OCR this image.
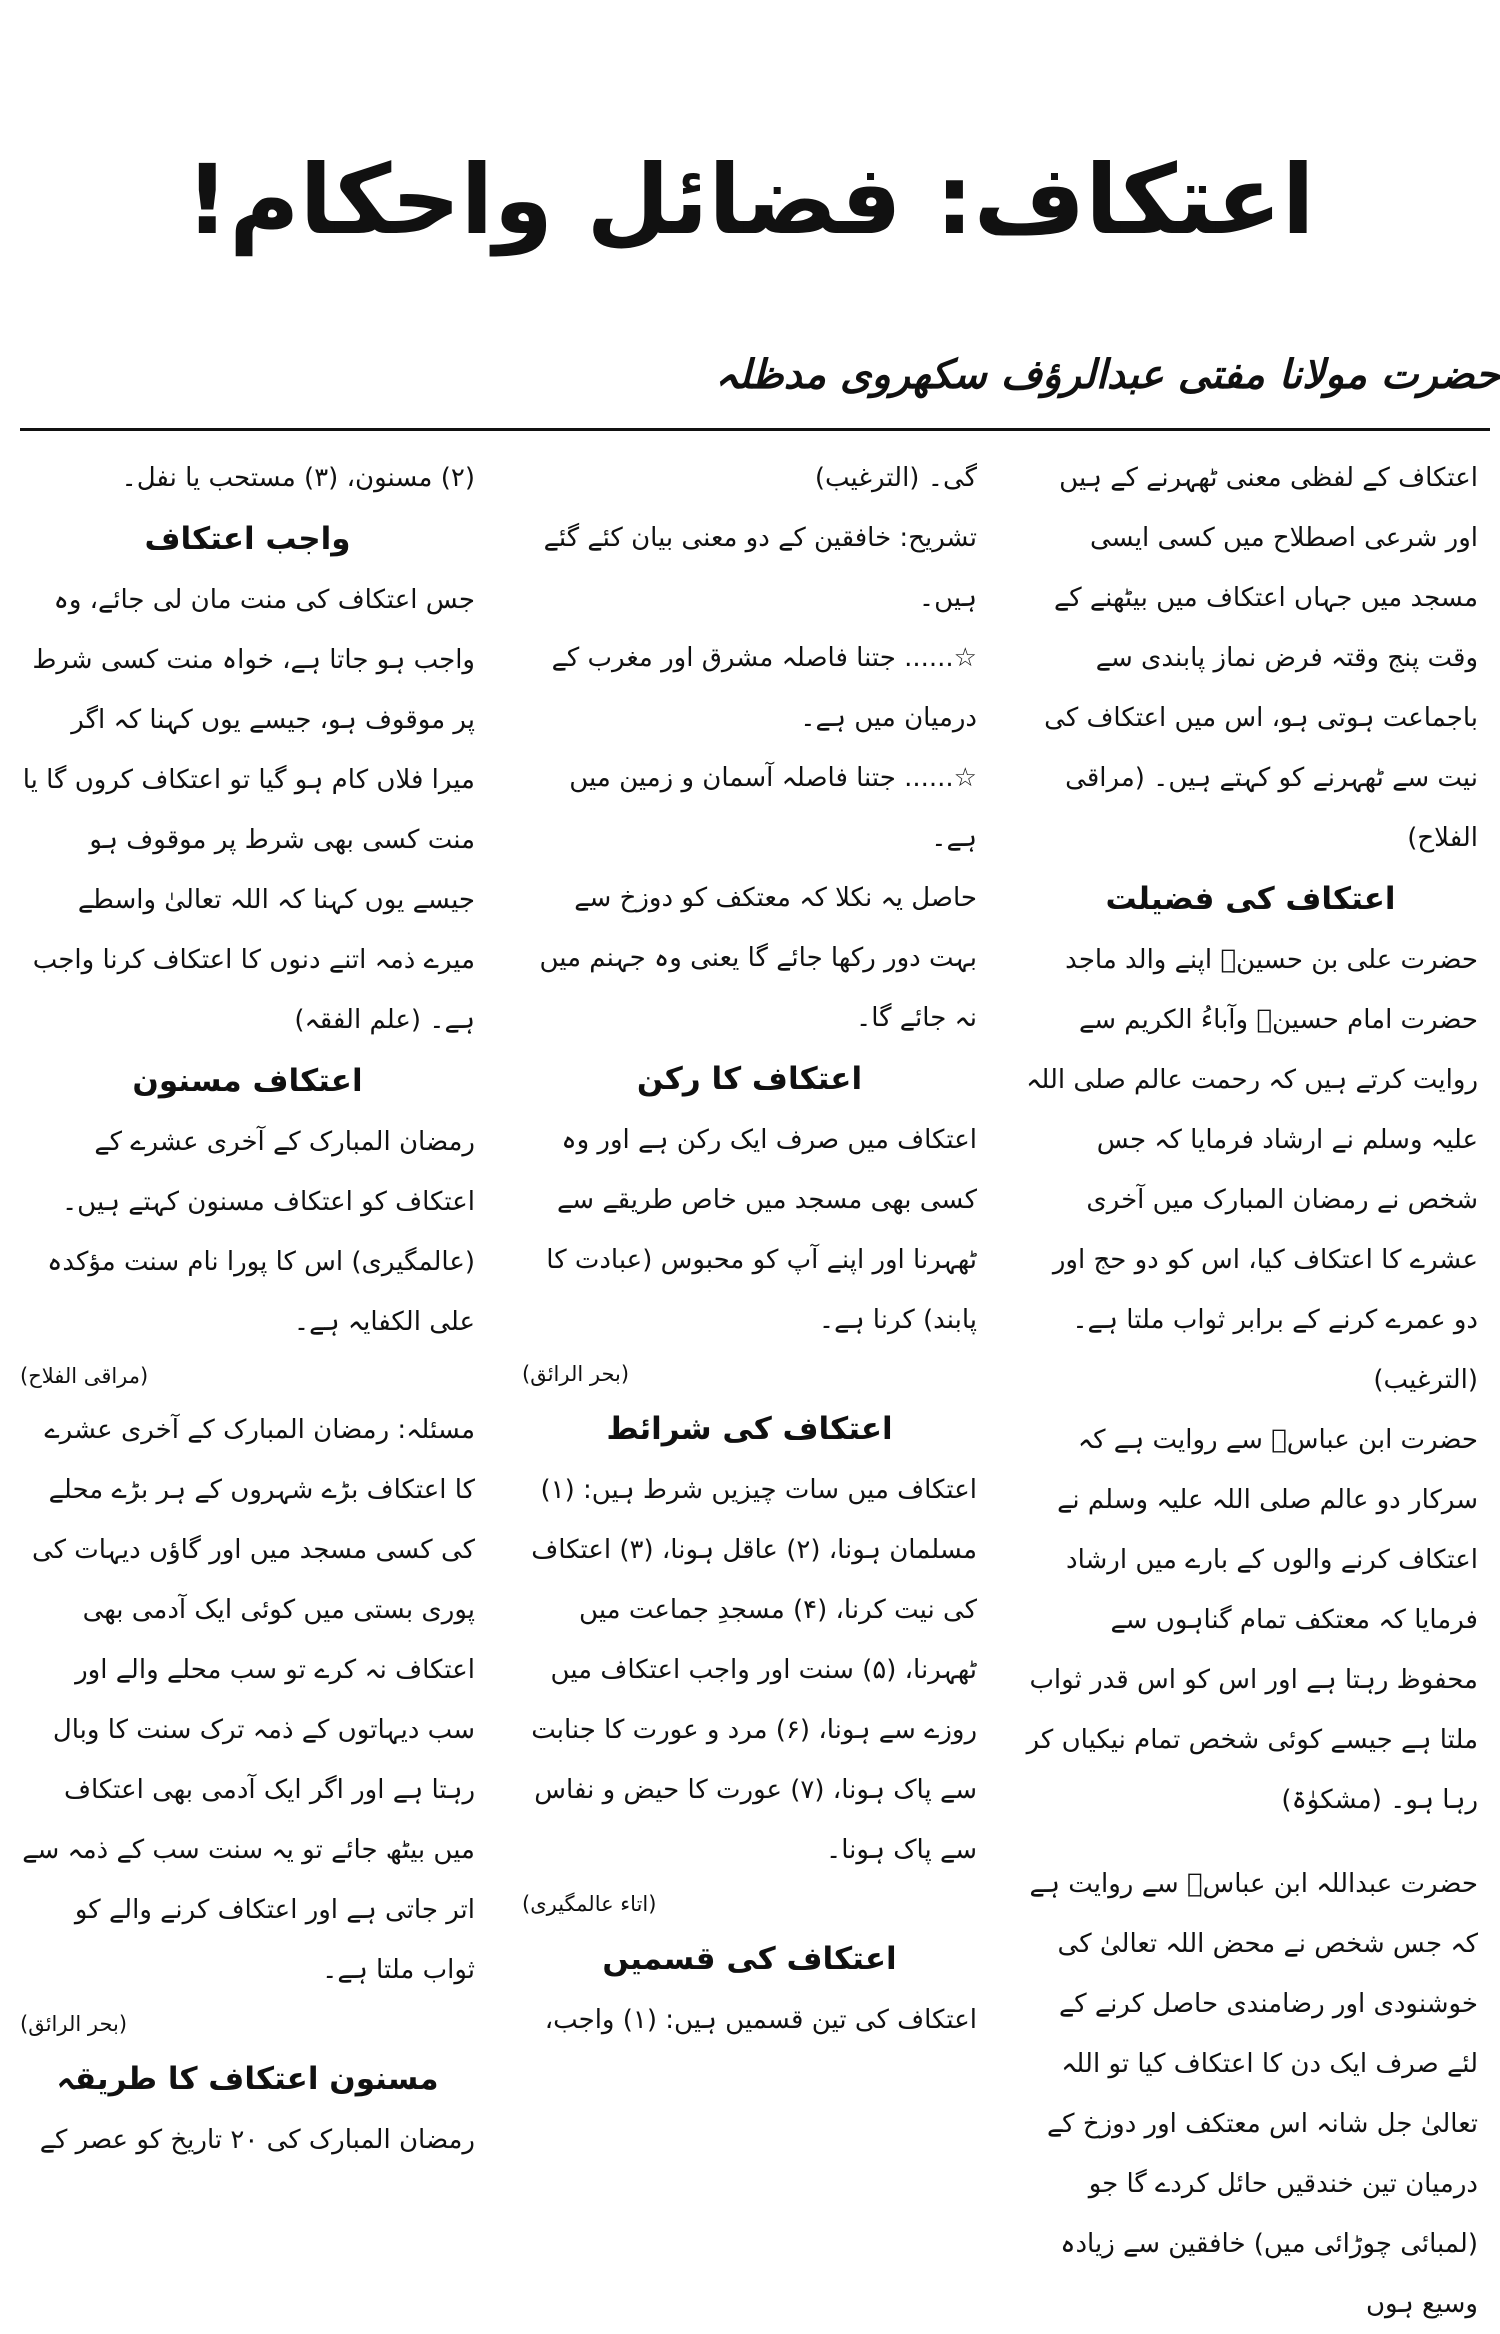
اعتکاف: فضائل واحکام!
حضرت مولانا مفتی عبدالرؤف سکھروی مدظلہ

اعتکاف کے لفظی معنی ٹھہرنے کے ہیں اور شرعی اصطلاح میں کسی ایسی مسجد میں جہاں اعتکاف میں بیٹھنے کے وقت پنج وقتہ فرض نماز پابندی سے باجماعت ہوتی ہو، اس میں اعتکاف کی نیت سے ٹھہرنے کو کہتے ہیں۔ (مراقی الفلاح)

اعتکاف کی فضیلت

حضرت علی بن حسینؓ اپنے والد ماجد حضرت امام حسینؓ وآباءُ الکریم سے روایت کرتے ہیں کہ رحمت عالم صلی اللہ علیہ وسلم نے ارشاد فرمایا کہ جس شخص نے رمضان المبارک میں آخری عشرے کا اعتکاف کیا، اس کو دو حج اور دو عمرے کرنے کے برابر ثواب ملتا ہے۔ (الترغیب)

حضرت ابن عباسؓ سے روایت ہے کہ سرکار دو عالم صلی اللہ علیہ وسلم نے اعتکاف کرنے والوں کے بارے میں ارشاد فرمایا کہ معتکف تمام گناہوں سے محفوظ رہتا ہے اور اس کو اس قدر ثواب ملتا ہے جیسے کوئی شخص تمام نیکیاں کر رہا ہو۔ (مشکوٰۃ)

حضرت عبداللہ ابن عباسؓ سے روایت ہے کہ جس شخص نے محض اللہ تعالیٰ کی خوشنودی اور رضامندی حاصل کرنے کے لئے صرف ایک دن کا اعتکاف کیا تو اللہ تعالیٰ جل شانہ اس معتکف اور دوزخ کے درمیان تین خندقیں حائل کردے گا جو (لمبائی چوڑائی میں) خافقین سے زیادہ وسیع ہوں

گی۔ (الترغیب)

تشریح: خافقین کے دو معنی بیان کئے گئے ہیں۔

☆...... جتنا فاصلہ مشرق اور مغرب کے درمیان میں ہے۔

☆...... جتنا فاصلہ آسمان و زمین میں ہے۔

حاصل یہ نکلا کہ معتکف کو دوزخ سے بہت دور رکھا جائے گا یعنی وہ جہنم میں نہ جائے گا۔

اعتکاف کا رکن

اعتکاف میں صرف ایک رکن ہے اور وہ کسی بھی مسجد میں خاص طریقے سے ٹھہرنا اور اپنے آپ کو محبوس (عبادت کا پابند) کرنا ہے۔

(بحر الرائق)

اعتکاف کی شرائط

اعتکاف میں سات چیزیں شرط ہیں: (۱) مسلمان ہونا، (۲) عاقل ہونا، (۳) اعتکاف کی نیت کرنا، (۴) مسجدِ جماعت میں ٹھہرنا، (۵) سنت اور واجب اعتکاف میں روزے سے ہونا، (۶) مرد و عورت کا جنابت سے پاک ہونا، (۷) عورت کا حیض و نفاس سے پاک ہونا۔

(اتاء عالمگیری)

اعتکاف کی قسمیں

اعتکاف کی تین قسمیں ہیں: (۱) واجب،

(۲) مسنون، (۳) مستحب یا نفل۔

واجب اعتکاف

جس اعتکاف کی منت مان لی جائے، وہ واجب ہو جاتا ہے، خواہ منت کسی شرط پر موقوف ہو، جیسے یوں کہنا کہ اگر میرا فلاں کام ہو گیا تو اعتکاف کروں گا یا منت کسی بھی شرط پر موقوف ہو جیسے یوں کہنا کہ اللہ تعالیٰ واسطے میرے ذمہ اتنے دنوں کا اعتکاف کرنا واجب ہے۔ (علم الفقہ)

اعتکاف مسنون

رمضان المبارک کے آخری عشرے کے اعتکاف کو اعتکاف مسنون کہتے ہیں۔ (عالمگیری) اس کا پورا نام سنت مؤکدہ علی الکفایہ ہے۔

(مراقی الفلاح)

مسئلہ: رمضان المبارک کے آخری عشرے کا اعتکاف بڑے شہروں کے ہر بڑے محلے کی کسی مسجد میں اور گاؤں دیہات کی پوری بستی میں کوئی ایک آدمی بھی اعتکاف نہ کرے تو سب محلے والے اور سب دیہاتوں کے ذمہ ترک سنت کا وبال رہتا ہے اور اگر ایک آدمی بھی اعتکاف میں بیٹھ جائے تو یہ سنت سب کے ذمہ سے اتر جاتی ہے اور اعتکاف کرنے والے کو ثواب ملتا ہے۔

(بحر الرائق)

مسنون اعتکاف کا طریقہ

رمضان المبارک کی ۲۰ تاریخ کو عصر کے
